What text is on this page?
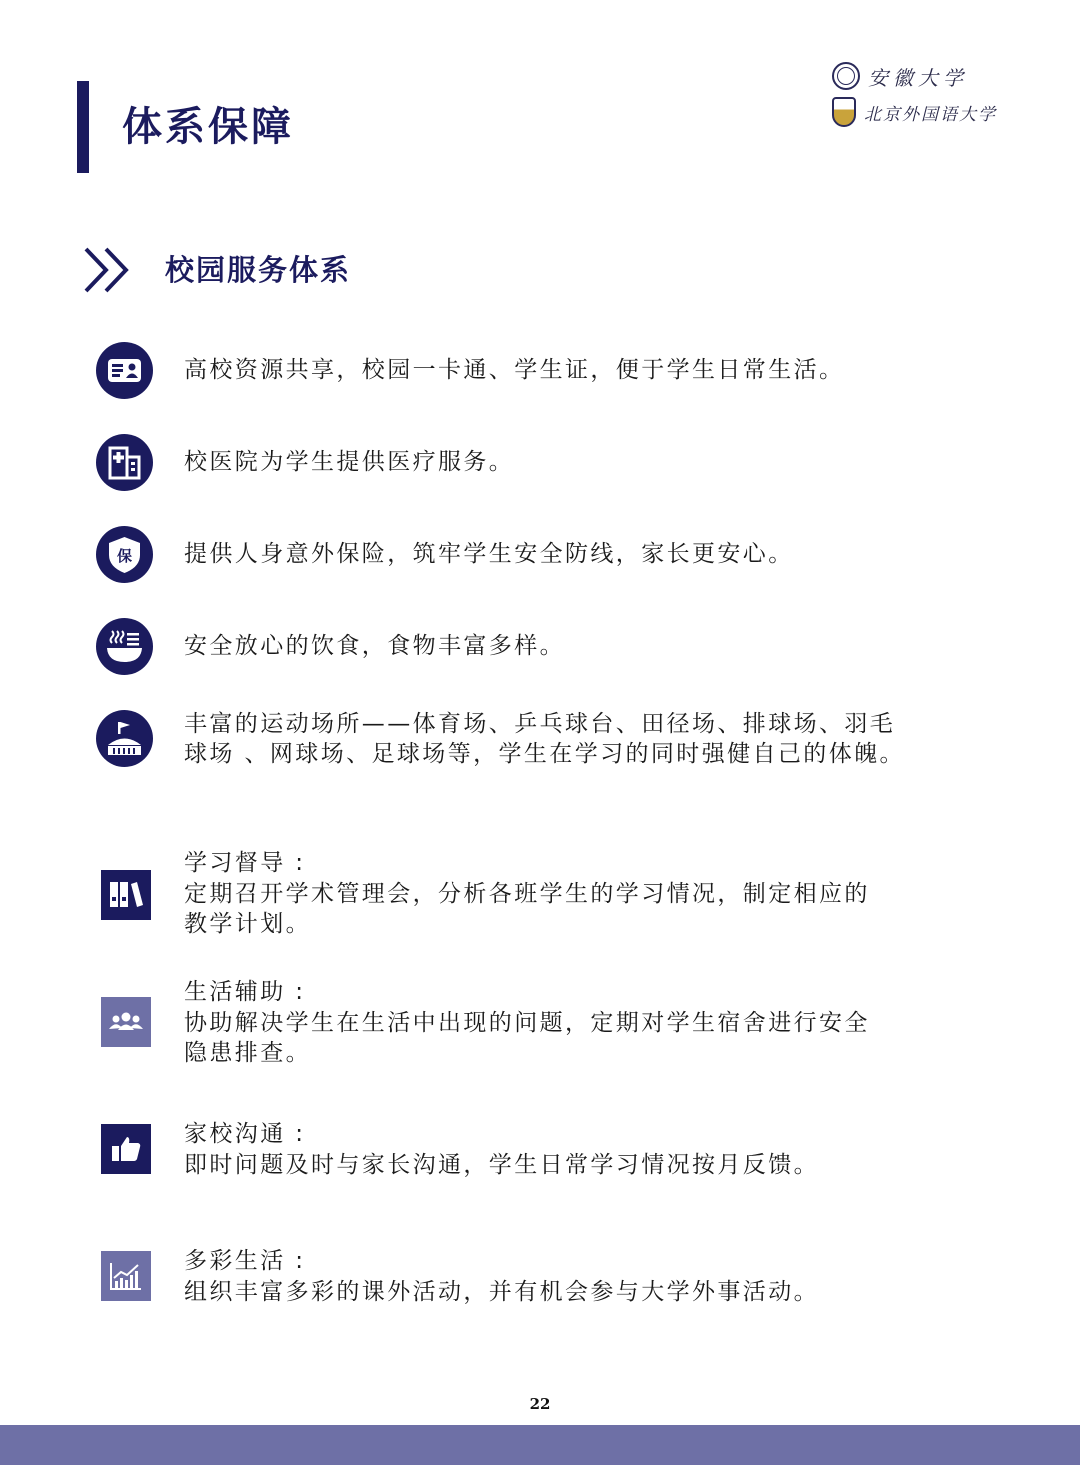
体系保障
安徽大学
北京外国语大学
校园服务体系
高校资源共享，校园一卡通、学生证，便于学生日常生活。
校医院为学生提供医疗服务。
保 提供人身意外保险，筑牢学生安全防线，家长更安心。
安全放心的饮食，食物丰富多样。
丰富的运动场所——体育场、乒乓球台、田径场、排球场、羽毛
球场 、网球场、足球场等，学生在学习的同时强健自己的体魄。
学习督导 :
定期召开学术管理会，分析各班学生的学习情况，制定相应的
教学计划。
生活辅助 :
协助解决学生在生活中出现的问题，定期对学生宿舍进行安全
隐患排查。
家校沟通 :
即时问题及时与家长沟通，学生日常学习情况按月反馈。
多彩生活 :
组织丰富多彩的课外活动，并有机会参与大学外事活动。
22
